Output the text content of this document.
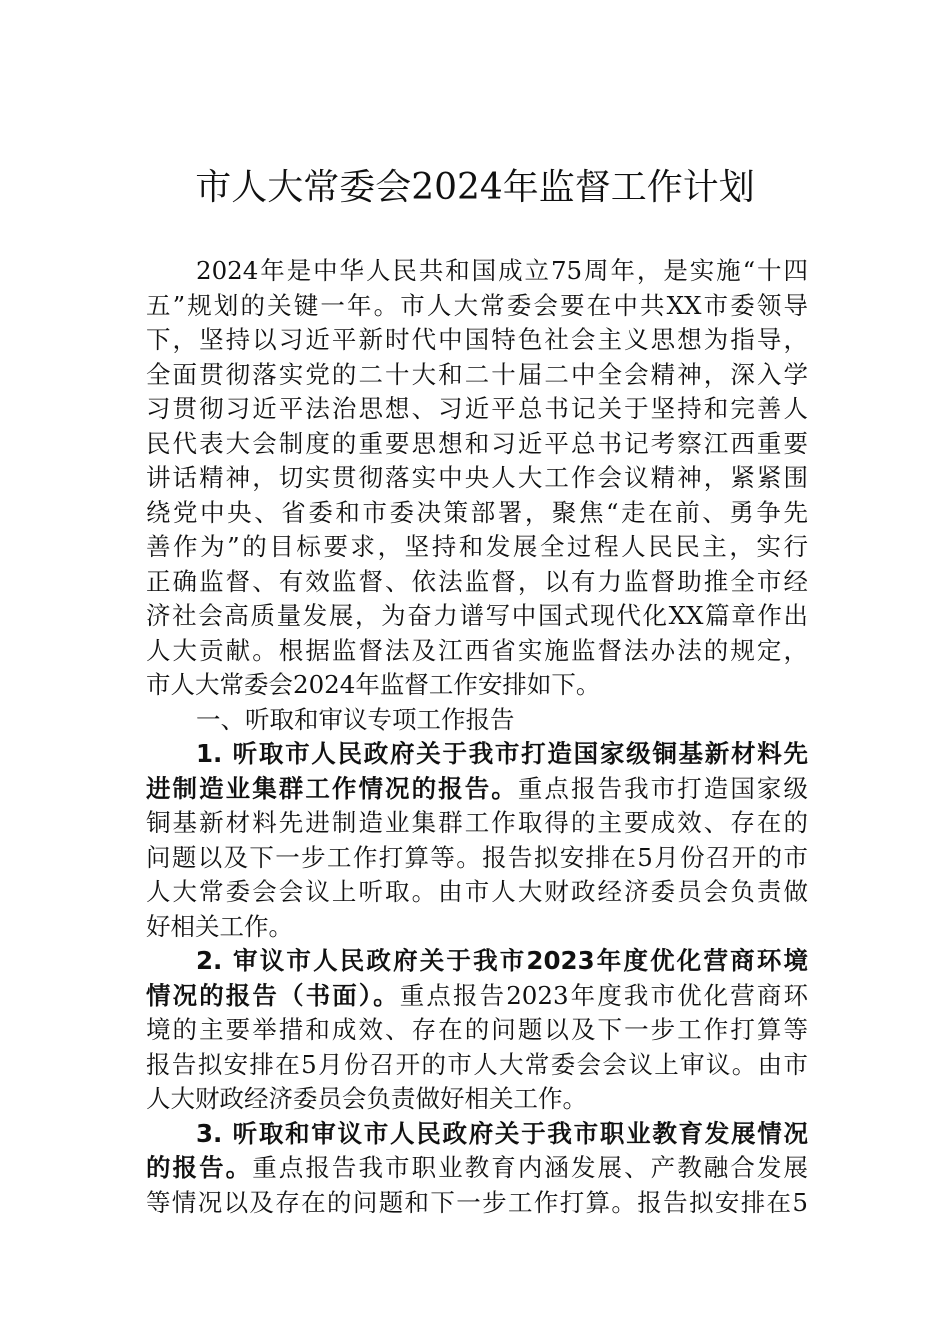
市人大常委会2024年监督工作计划
2024年是中华人民共和国成立75周年，是实施“十四
五”规划的关键一年。市人大常委会要在中共XX市委领导
下，坚持以习近平新时代中国特色社会主义思想为指导，
全面贯彻落实党的二十大和二十届二中全会精神，深入学
习贯彻习近平法治思想、习近平总书记关于坚持和完善人
民代表大会制度的重要思想和习近平总书记考察江西重要
讲话精神，切实贯彻落实中央人大工作会议精神，紧紧围
绕党中央、省委和市委决策部署，聚焦“走在前、勇争先
善作为”的目标要求，坚持和发展全过程人民民主，实行
正确监督、有效监督、依法监督，以有力监督助推全市经
济社会高质量发展，为奋力谱写中国式现代化XX篇章作出
人大贡献。根据监督法及江西省实施监督法办法的规定，
市人大常委会2024年监督工作安排如下。
一、听取和审议专项工作报告
1. 听取市人民政府关于我市打造国家级铜基新材料先
进制造业集群工作情况的报告。重点报告我市打造国家级
铜基新材料先进制造业集群工作取得的主要成效、存在的
问题以及下一步工作打算等。报告拟安排在5月份召开的市
人大常委会会议上听取。由市人大财政经济委员会负责做
好相关工作。
2. 审议市人民政府关于我市2023年度优化营商环境
情况的报告（书面）。重点报告2023年度我市优化营商环
境的主要举措和成效、存在的问题以及下一步工作打算等
报告拟安排在5月份召开的市人大常委会会议上审议。由市
人大财政经济委员会负责做好相关工作。
3. 听取和审议市人民政府关于我市职业教育发展情况
的报告。重点报告我市职业教育内涵发展、产教融合发展
等情况以及存在的问题和下一步工作打算。报告拟安排在5
